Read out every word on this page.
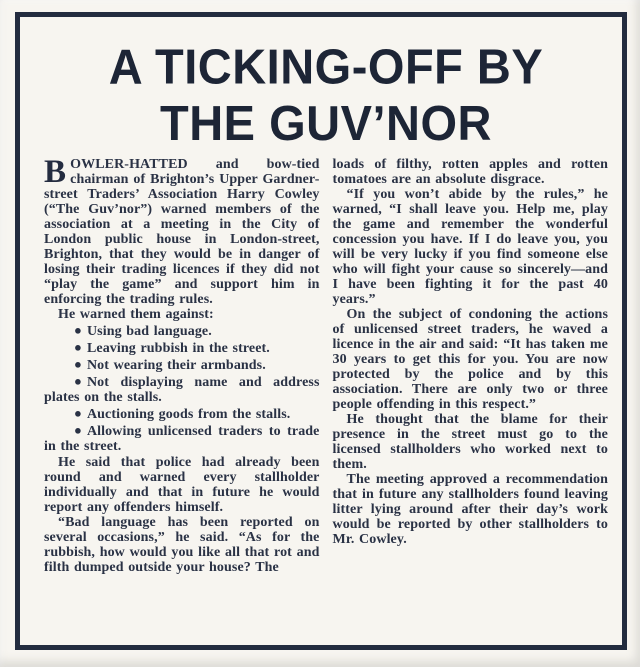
A TICKING-OFF BY
THE GUV’NOR

BOWLER-HATTED and bow-tied chairman of Brighton’s Upper Gardner-street Traders’ Association Harry Cowley (“The Guv’nor”) warned members of the association at a meeting in the City of London public house in London-street, Brighton, that they would be in danger of losing their trading licences if they did not “play the game” and support him in enforcing the trading rules.

He warned them against:

● Using bad language.

● Leaving rubbish in the street.

● Not wearing their armbands.

● Not displaying name and address plates on the stalls.

● Auctioning goods from the stalls.

● Allowing unlicensed traders to trade in the street.

He said that police had already been round and warned every stallholder individually and that in future he would report any offenders himself.

“Bad language has been reported on several occasions,” he said. “As for the rubbish, how would you like all that rot and filth dumped outside your house? The

loads of filthy, rotten apples and rotten tomatoes are an absolute disgrace.

“If you won’t abide by the rules,” he warned, “I shall leave you. Help me, play the game and remember the wonderful concession you have. If I do leave you, you will be very lucky if you find someone else who will fight your cause so sincerely—and I have been fighting it for the past 40 years.”

On the subject of condoning the actions of unlicensed street traders, he waved a licence in the air and said: “It has taken me 30 years to get this for you. You are now protected by the police and by this association. There are only two or three people offending in this respect.”

He thought that the blame for their presence in the street must go to the licensed stallholders who worked next to them.

The meeting approved a recommendation that in future any stallholders found leaving litter lying around after their day’s work would be reported by other stallholders to Mr. Cowley.
